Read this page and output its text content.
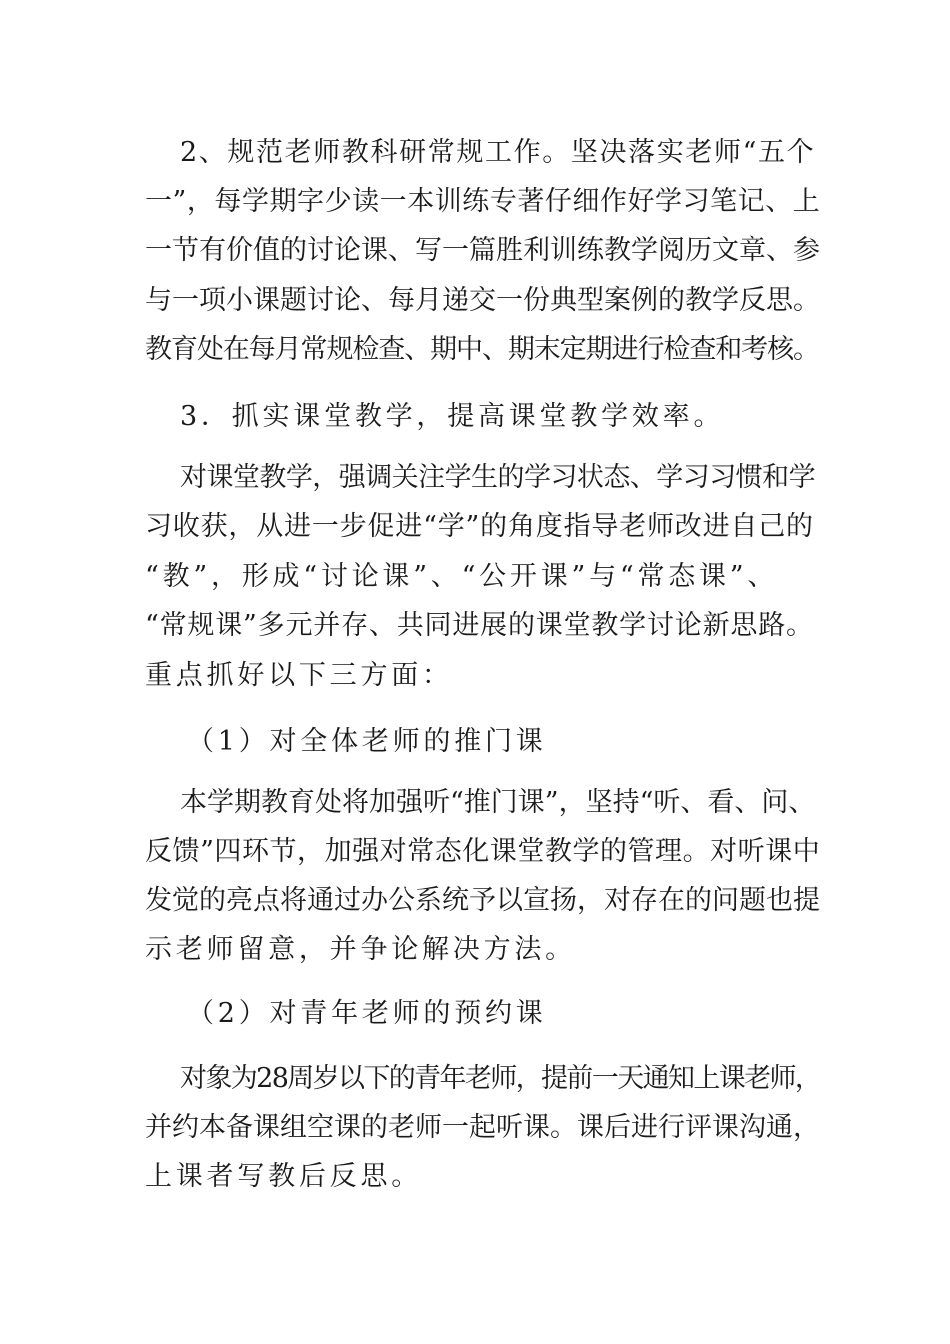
2、规范老师教科研常规工作。坚决落实老师“五个
一”，每学期字少读一本训练专著仔细作好学习笔记、上
一节有价值的讨论课、写一篇胜利训练教学阅历文章、参
与一项小课题讨论、每月递交一份典型案例的教学反思。
教育处在每月常规检查、期中、期末定期进行检查和考核。
3．抓实课堂教学，提高课堂教学效率。
对课堂教学，强调关注学生的学习状态、学习习惯和学
习收获，从进一步促进“学”的角度指导老师改进自己的
“教”，形成“讨论课”、“公开课”与“常态课”、
“常规课”多元并存、共同进展的课堂教学讨论新思路。
重点抓好以下三方面：
（1）对全体老师的推门课
本学期教育处将加强听“推门课”，坚持“听、看、问、
反馈”四环节，加强对常态化课堂教学的管理。对听课中
发觉的亮点将通过办公系统予以宣扬，对存在的问题也提
示老师留意，并争论解决方法。
（2）对青年老师的预约课
对象为28周岁以下的青年老师，提前一天通知上课老师，
并约本备课组空课的老师一起听课。课后进行评课沟通，
上课者写教后反思。
